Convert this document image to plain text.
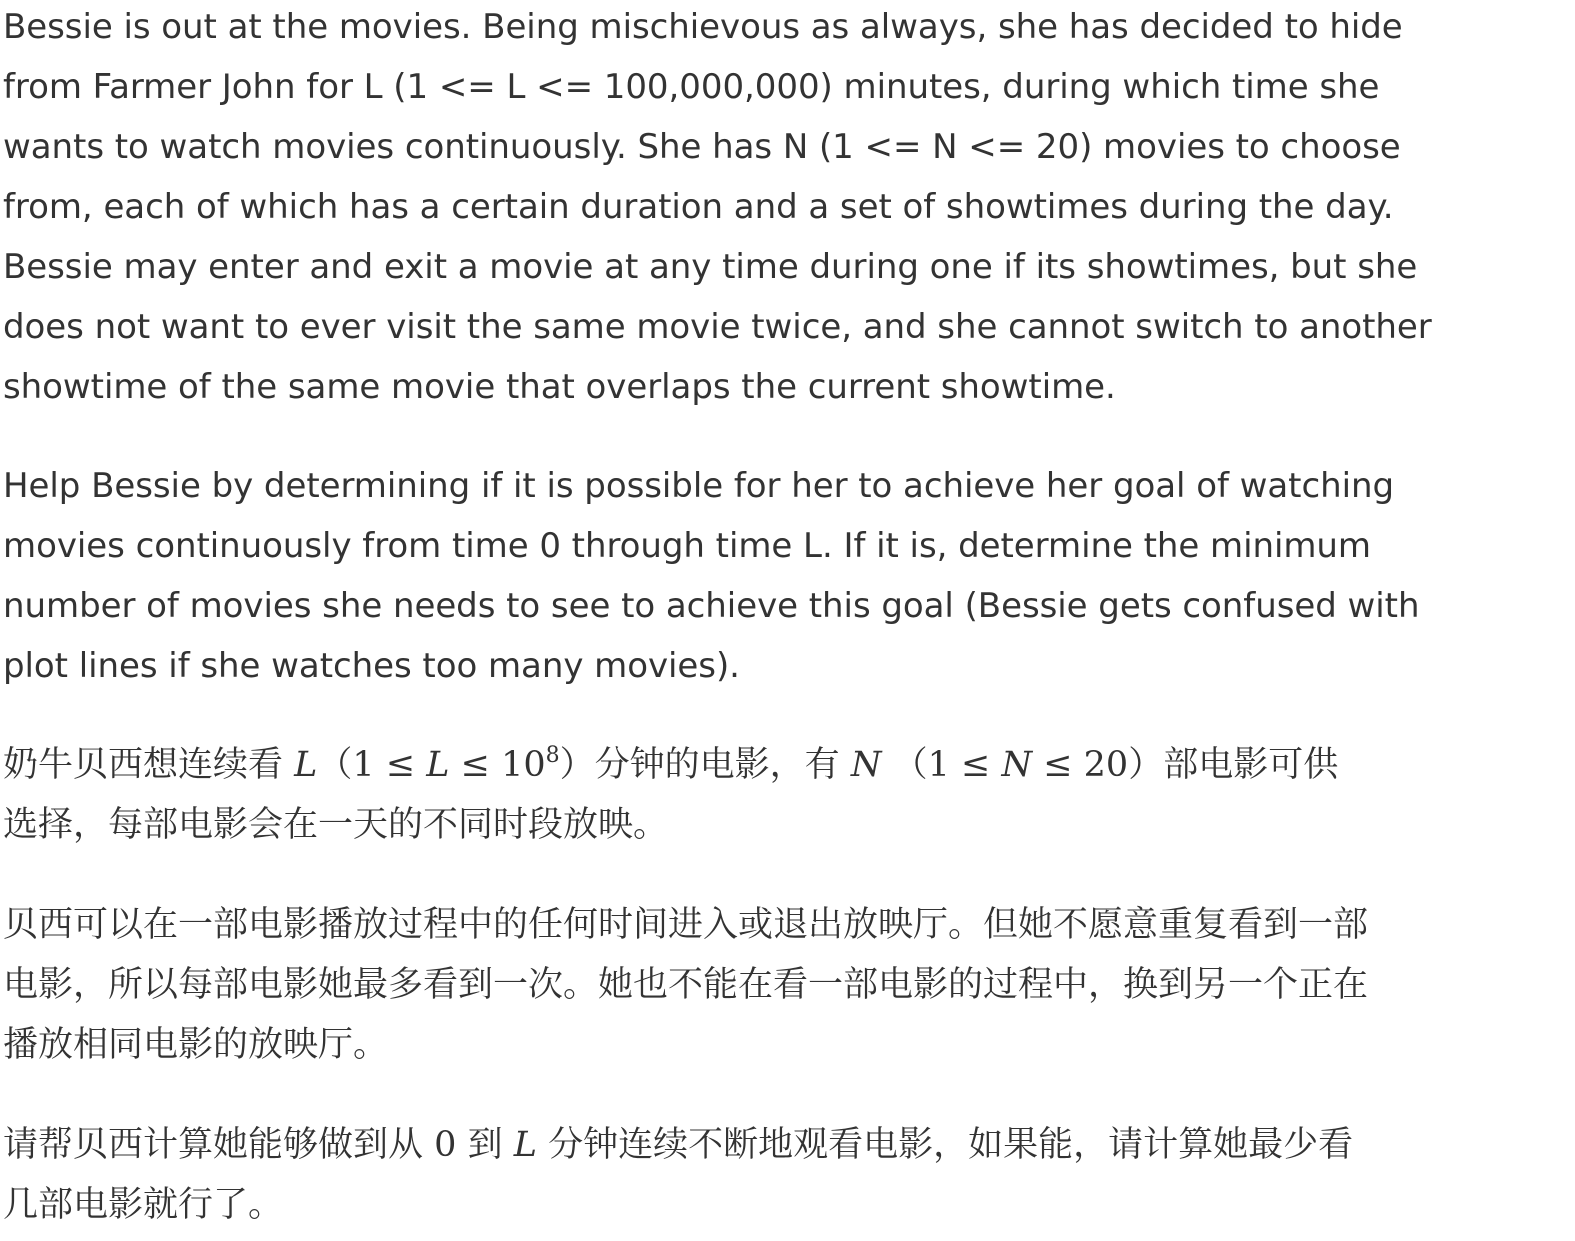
Bessie is out at the movies. Being mischievous as always, she has decided to hide
from Farmer John for L (1 <= L <= 100,000,000) minutes, during which time she
wants to watch movies continuously. She has N (1 <= N <= 20) movies to choose
from, each of which has a certain duration and a set of showtimes during the day.
Bessie may enter and exit a movie at any time during one if its showtimes, but she
does not want to ever visit the same movie twice, and she cannot switch to another
showtime of the same movie that overlaps the current showtime.

Help Bessie by determining if it is possible for her to achieve her goal of watching
movies continuously from time 0 through time L. If it is, determine the minimum
number of movies she needs to see to achieve this goal (Bessie gets confused with
plot lines if she watches too many movies).

奶牛贝西想连续看 $L(1 \le L \le 10^8)$分钟的电影，有 N （1 ≤ N ≤ 20）部电影可供
选择，每部电影会在一天的不同时段放映。

贝西可以在一部电影播放过程中的任何时间进入或退出放映厅。但她不愿意重复看到一部
电影，所以每部电影她最多看到一次。她也不能在看一部电影的过程中，换到另一个正在
播放相同电影的放映厅。

请帮贝西计算她能够做到从 0 到 L 分钟连续不断地观看电影，如果能，请计算她最少看
几部电影就行了。
